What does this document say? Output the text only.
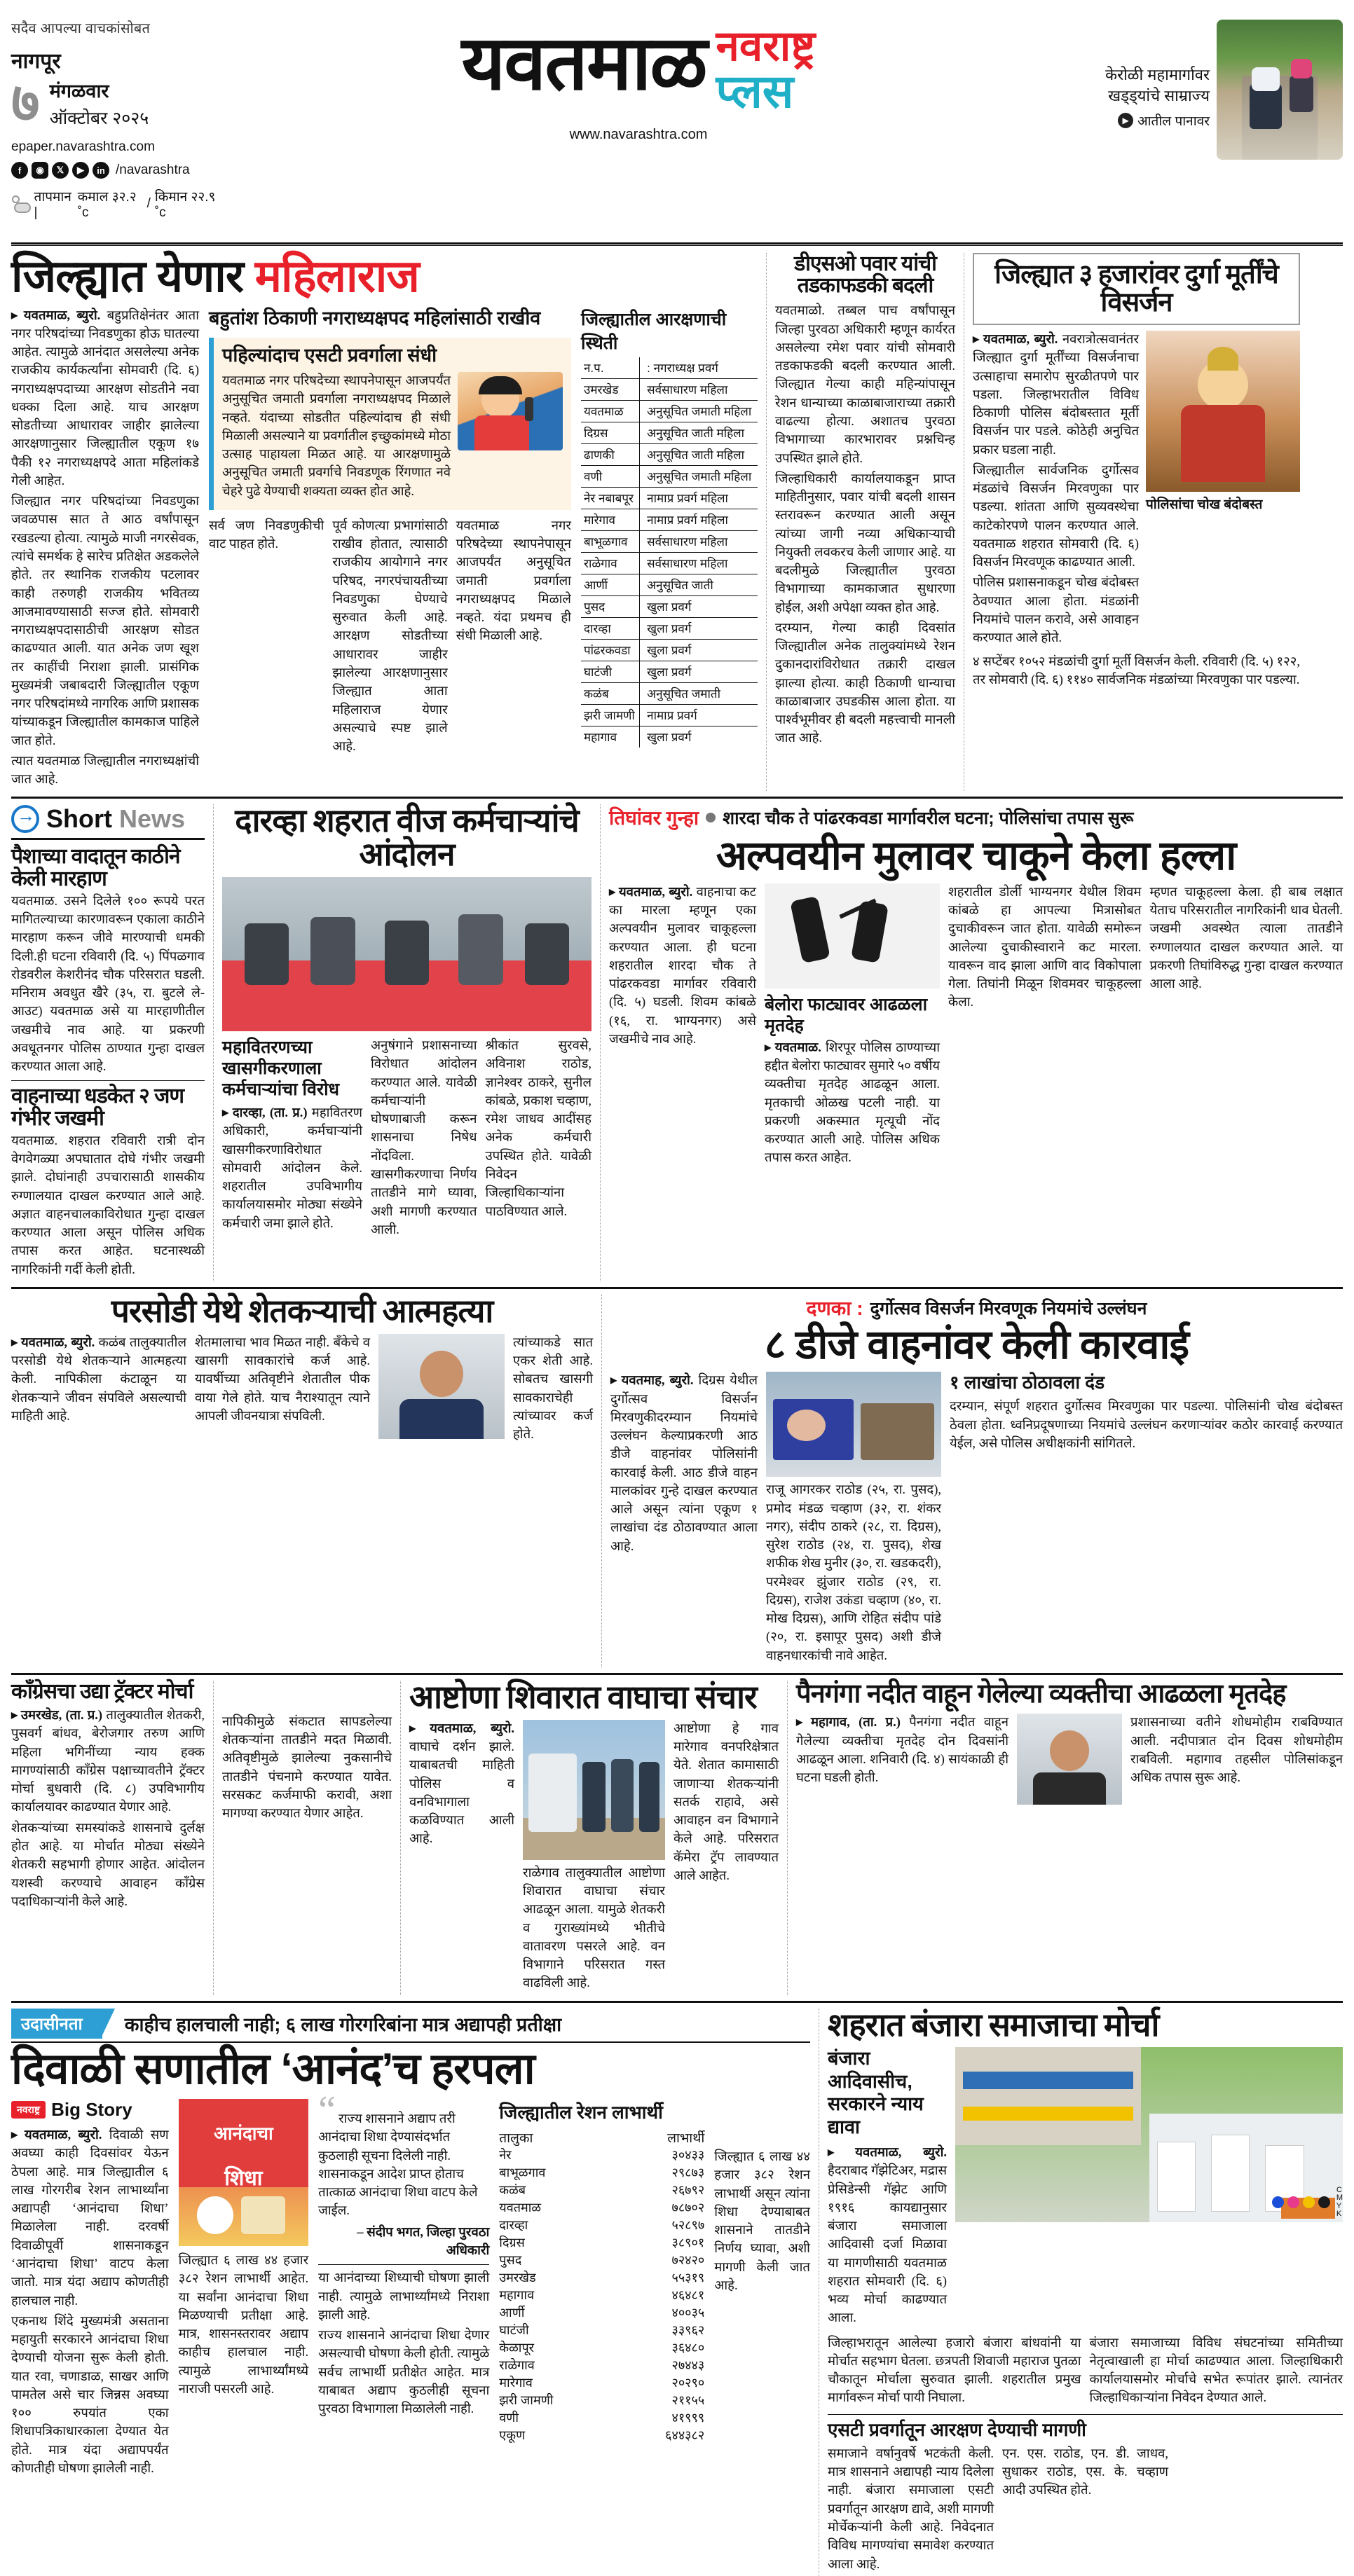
सदैव आपल्या वाचकांसोबत
नागपूर
७ मंगळवार
ऑक्टोबर २०२५
epaper.navarashtra.com
f	◉	𝕏	▶	in /navarashtra
तापमान |
कमाल ३२.२ ˚c
/ किमान २२.९ ˚c
यवतमाळ नवराष्ट्र
प्लस
www.navarashtra.com
केरोळी महामार्गावर खड्ड्यांचे साम्राज्य
▶ आतील पानावर
जिल्ह्यात येणार महिलाराज

▶ यवतमाळ, ब्युरो. बहुप्रतिक्षेनंतर आता नगर परिषदांच्या निवडणुका होऊ घातल्या आहेत. त्यामुळे आनंदात असलेल्या अनेक राजकीय कार्यकर्त्यांना सोमवारी (दि. ६) नगराध्यक्षपदाच्या आरक्षण सोडतीने नवा धक्का दिला आहे. याच आरक्षण सोडतीच्या आधारावर जाहीर झालेल्या आरक्षणानुसार जिल्ह्यातील एकूण १७ पैकी १२ नगराध्यक्षपदे आता महिलांकडे गेली आहेत.

जिल्ह्यात नगर परिषदांच्या निवडणुका जवळपास सात ते आठ वर्षांपासून रखडल्या होत्या. त्यामुळे माजी नगरसेवक, त्यांचे समर्थक हे सारेच प्रतिक्षेत अडकलेले होते. तर स्थानिक राजकीय पटलावर काही तरुणही राजकीय भवितव्य आजमावण्यासाठी सज्ज होते. सोमवारी नगराध्यक्षपदासाठीची आरक्षण सोडत काढण्यात आली. यात अनेक जण खूश तर काहींची निराशा झाली. प्रासंगिक मुख्यमंत्री जबाबदारी जिल्ह्यातील एकूण नगर परिषदांमध्ये नागरिक आणि प्रशासक यांच्याकडून जिल्ह्यातील कामकाज पाहिले जात होते.

त्यात यवतमाळ जिल्ह्यातील नगराध्यक्षांची जात आहे.

बहुतांश ठिकाणी नगराध्यक्षपद महिलांसाठी राखीव
पहिल्यांदाच एसटी प्रवर्गाला संधी

यवतमाळ नगर परिषदेच्या स्थापनेपासून आजपर्यंत अनुसूचित जमाती प्रवर्गाला नगराध्यक्षपद मिळाले नव्हते. यंदाच्या सोडतीत पहिल्यांदाच ही संधी मिळाली असल्याने या प्रवर्गातील इच्छुकांमध्ये मोठा उत्साह पाहायला मिळत आहे. या आरक्षणामुळे अनुसूचित जमाती प्रवर्गाचे निवडणूक रिंगणात नवे चेहरे पुढे येण्याची शक्यता व्यक्त होत आहे.

सर्व जण निवडणुकीची वाट पाहत होते.

पूर्व कोणत्या प्रभागांसाठी राखीव होतात, त्यासाठी राजकीय आयोगाने नगर परिषद, नगरपंचायतीच्या निवडणुका घेण्याचे सुरुवात केली आहे. आरक्षण सोडतीच्या आधारावर जाहीर झालेल्या आरक्षणानुसार जिल्ह्यात आता महिलाराज येणार असल्याचे स्पष्ट झाले आहे.

यवतमाळ नगर परिषदेच्या स्थापनेपासून आजपर्यंत अनुसूचित जमाती प्रवर्गाला नगराध्यक्षपद मिळाले नव्हते. यंदा प्रथमच ही संधी मिळाली आहे.

जिल्ह्यातील आरक्षणाची स्थिती
न.प.	: नगराध्यक्ष प्रवर्ग
उमरखेड	सर्वसाधारण महिला
यवतमाळ	अनुसूचित जमाती महिला
दिग्रस	अनुसूचित जाती महिला
ढाणकी	अनुसूचित जाती महिला
वणी	अनुसूचित जमाती महिला
नेर नबाबपूर	नामाप्र प्रवर्ग महिला
मारेगाव	नामाप्र प्रवर्ग महिला
बाभूळगाव	सर्वसाधारण महिला
राळेगाव	सर्वसाधारण महिला
आर्णी	अनुसूचित जाती
पुसद	खुला प्रवर्ग
दारव्हा	खुला प्रवर्ग
पांढरकवडा	खुला प्रवर्ग
घाटंजी	खुला प्रवर्ग
कळंब	अनुसूचित जमाती
झरी जामणी	नामाप्र प्रवर्ग
महागाव	खुला प्रवर्ग
डीएसओ पवार यांची तडकाफडकी बदली

यवतमाळो. तब्बल पाच वर्षांपासून जिल्हा पुरवठा अधिकारी म्हणून कार्यरत असलेल्या रमेश पवार यांची सोमवारी तडकाफडकी बदली करण्यात आली. जिल्ह्यात गेल्या काही महिन्यांपासून रेशन धान्याच्या काळाबाजाराच्या तक्रारी वाढल्या होत्या. अशातच पुरवठा विभागाच्या कारभारावर प्रश्नचिन्ह उपस्थित झाले होते.

जिल्हाधिकारी कार्यालयाकडून प्राप्त माहितीनुसार, पवार यांची बदली शासन स्तरावरून करण्यात आली असून त्यांच्या जागी नव्या अधिकाऱ्याची नियुक्ती लवकरच केली जाणार आहे. या बदलीमुळे जिल्ह्यातील पुरवठा विभागाच्या कामकाजात सुधारणा होईल, अशी अपेक्षा व्यक्त होत आहे.

दरम्यान, गेल्या काही दिवसांत जिल्ह्यातील अनेक तालुक्यांमध्ये रेशन दुकानदारांविरोधात तक्रारी दाखल झाल्या होत्या. काही ठिकाणी धान्याचा काळाबाजार उघडकीस आला होता. या पार्श्वभूमीवर ही बदली महत्त्वाची मानली जात आहे.

जिल्ह्यात ३ हजारांवर दुर्गा मूर्तींचे विसर्जन

▶ यवतमाळ, ब्युरो. नवरात्रोत्सवानंतर जिल्ह्यात दुर्गा मूर्तींच्या विसर्जनाचा उत्साहाचा समारोप सुरळीतपणे पार पडला. जिल्हाभरातील विविध ठिकाणी पोलिस बंदोबस्तात मूर्ती विसर्जन पार पडले. कोठेही अनुचित प्रकार घडला नाही.

जिल्ह्यातील सार्वजनिक दुर्गोत्सव मंडळांचे विसर्जन मिरवणुका पार पडल्या. शांतता आणि सुव्यवस्थेचा काटेकोरपणे पालन करण्यात आले. यवतमाळ शहरात सोमवारी (दि. ६) विसर्जन मिरवणूक काढण्यात आली.

पोलिस प्रशासनाकडून चोख बंदोबस्त ठेवण्यात आला होता. मंडळांनी नियमांचे पालन करावे, असे आवाहन करण्यात आले होते.

पोलिसांचा चोख बंदोबस्त

४ सप्टेंबर १०५२ मंडळांची दुर्गा मूर्ती विसर्जन केली. रविवारी (दि. ५) १२२, तर सोमवारी (दि. ६) ११४० सार्वजनिक मंडळांच्या मिरवणुका पार पडल्या.

→
Short News
पैशाच्या वादातून काठीने केली मारहाण

यवतमाळ. उसने दिलेले १०० रूपये परत मागितल्याच्या कारणावरून एकाला काठीने मारहाण करून जीवे मारण्याची धमकी दिली.ही घटना रविवारी (दि. ५) पिंपळगाव रोडवरील केशरीनंद चौक परिसरात घडली. मनिराम अवधुत खैरे (३५, रा. बुटले ले-आउट) यवतमाळ असे या मारहाणीतील जखमीचे नाव आहे. या प्रकरणी अवधूतनगर पोलिस ठाण्यात गुन्हा दाखल करण्यात आला आहे.

वाहनाच्या धडकेत २ जण गंभीर जखमी

यवतमाळ. शहरात रविवारी रात्री दोन वेगवेगळ्या अपघातात दोघे गंभीर जखमी झाले. दोघांनाही उपचारासाठी शासकीय रुग्णालयात दाखल करण्यात आले आहे. अज्ञात वाहनचालकाविरोधात गुन्हा दाखल करण्यात आला असून पोलिस अधिक तपास करत आहेत. घटनास्थळी नागरिकांनी गर्दी केली होती.

दारव्हा शहरात वीज कर्मचाऱ्यांचे आंदोलन
महावितरणच्या खासगीकरणाला कर्मचाऱ्यांचा विरोध

▶ दारव्हा, (ता. प्र.) महावितरण अधिकारी, कर्मचाऱ्यांनी खासगीकरणाविरोधात सोमवारी आंदोलन केले. शहरातील उपविभागीय कार्यालयासमोर मोठ्या संख्येने कर्मचारी जमा झाले होते.

अनुषंगाने प्रशासनाच्या विरोधात आंदोलन करण्यात आले. यावेळी कर्मचाऱ्यांनी घोषणाबाजी करून शासनाचा निषेध नोंदविला. खासगीकरणाचा निर्णय तातडीने मागे घ्यावा, अशी मागणी करण्यात आली.

श्रीकांत सुरवसे, अविनाश राठोड, ज्ञानेश्वर ठाकरे, सुनील कांबळे, प्रकाश चव्हाण, रमेश जाधव आदींसह अनेक कर्मचारी उपस्थित होते. यावेळी निवेदन जिल्हाधिकाऱ्यांना पाठविण्यात आले.

तिघांवर गुन्हा शारदा चौक ते पांढरकवडा मार्गावरील घटना; पोलिसांचा तपास सुरू
अल्पवयीन मुलावर चाकूने केला हल्ला

▶ यवतमाळ, ब्युरो. वाहनाचा कट का मारला म्हणून एका अल्पवयीन मुलावर चाकूहल्ला करण्यात आला. ही घटना शहरातील शारदा चौक ते पांढरकवडा मार्गावर रविवारी (दि. ५) घडली. शिवम कांबळे (१६, रा. भाग्यनगर) असे जखमीचे नाव आहे.

बेलोरा फाट्यावर आढळला मृतदेह

▶ यवतमाळ. शिरपूर पोलिस ठाण्याच्या हद्दीत बेलोरा फाट्यावर सुमारे ५० वर्षीय व्यक्तीचा मृतदेह आढळून आला. मृतकाची ओळख पटली नाही. या प्रकरणी अकस्मात मृत्यूची नोंद करण्यात आली आहे. पोलिस अधिक तपास करत आहेत.

शहरातील डोर्ली भाग्यनगर येथील शिवम कांबळे हा आपल्या मित्रासोबत दुचाकीवरून जात होता. यावेळी समोरून आलेल्या दुचाकीस्वाराने कट मारला. यावरून वाद झाला आणि वाद विकोपाला गेला. तिघांनी मिळून शिवमवर चाकूहल्ला केला.

म्हणत चाकूहल्ला केला. ही बाब लक्षात येताच परिसरातील नागरिकांनी धाव घेतली. जखमी अवस्थेत त्याला तातडीने रुग्णालयात दाखल करण्यात आले. या प्रकरणी तिघांविरुद्ध गुन्हा दाखल करण्यात आला आहे.

परसोडी येथे शेतकऱ्याची आत्महत्या

▶ यवतमाळ, ब्युरो. कळंब तालुक्यातील परसोडी येथे शेतकऱ्याने आत्महत्या केली. नापिकीला कंटाळून या शेतकऱ्याने जीवन संपविले असल्याची माहिती आहे.

शेतमालाचा भाव मिळत नाही. बँकेचे व खासगी सावकारांचे कर्ज आहे. यावर्षीच्या अतिवृष्टीने शेतातील पीक वाया गेले होते. याच नैराश्यातून त्याने आपली जीवनयात्रा संपविली.

त्यांच्याकडे सात एकर शेती आहे. सोबतच खासगी सावकाराचेही त्यांच्यावर कर्ज होते.

दणका : दुर्गोत्सव विसर्जन मिरवणूक नियमांचे उल्लंघन
८ डीजे वाहनांवर केली कारवाई

▶ यवतमाह, ब्युरो. दिग्रस येथील दुर्गोत्सव विसर्जन मिरवणुकीदरम्यान नियमांचे उल्लंघन केल्याप्रकरणी आठ डीजे वाहनांवर पोलिसांनी कारवाई केली. आठ डीजे वाहन मालकांवर गुन्हे दाखल करण्यात आले असून त्यांना एकूण १ लाखांचा दंड ठोठावण्यात आला आहे.

राजू आगरकर राठोड (२५, रा. पुसद), प्रमोद मंडळ चव्हाण (३२, रा. शंकर नगर), संदीप ठाकरे (२८, रा. दिग्रस), सुरेश राठोड (२४, रा. पुसद), शेख शफीक शेख मुनीर (३०, रा. खडकदरी), परमेश्वर झुंजार राठोड (२९, रा. दिग्रस), राजेश उकंडा चव्हाण (४०, रा. मोख दिग्रस), आणि रोहित संदीप पांडे (२०, रा. इसापूर पुसद) अशी डीजे वाहनधारकांची नावे आहेत.

१ लाखांचा ठोठावला दंड

दरम्यान, संपूर्ण शहरात दुर्गोत्सव मिरवणुका पार पडल्या. पोलिसांनी चोख बंदोबस्त ठेवला होता. ध्वनिप्रदूषणाच्या नियमांचे उल्लंघन करणाऱ्यांवर कठोर कारवाई करण्यात येईल, असे पोलिस अधीक्षकांनी सांगितले.

काँग्रेसचा उद्या ट्रॅक्टर मोर्चा

▶ उमरखेड, (ता. प्र.) तालुक्यातील शेतकरी, पुसवर्ग बांधव, बेरोजगार तरुण आणि महिला भगिनींच्या न्याय हक्क मागण्यांसाठी काँग्रेस पक्षाच्यावतीने ट्रॅक्टर मोर्चा बुधवारी (दि. ८) उपविभागीय कार्यालयावर काढण्यात येणार आहे.

शेतकऱ्यांच्या समस्यांकडे शासनाचे दुर्लक्ष होत आहे. या मोर्चात मोठ्या संख्येने शेतकरी सहभागी होणार आहेत. आंदोलन यशस्वी करण्याचे आवाहन काँग्रेस पदाधिकाऱ्यांनी केले आहे.

नापिकीमुळे संकटात सापडलेल्या शेतकऱ्यांना तातडीने मदत मिळावी. अतिवृष्टीमुळे झालेल्या नुकसानीचे तातडीने पंचनामे करण्यात यावेत. सरसकट कर्जमाफी करावी, अशा मागण्या करण्यात येणार आहेत.

आष्टोणा शिवारात वाघाचा संचार

▶ यवतमाळ, ब्युरो. वाघाचे दर्शन झाले. याबाबतची माहिती पोलिस व वनविभागाला कळविण्यात आली आहे.

राळेगाव तालुक्यातील आष्टोणा शिवारात वाघाचा संचार आढळून आला. यामुळे शेतकरी व गुराख्यांमध्ये भीतीचे वातावरण पसरले आहे. वन विभागाने परिसरात गस्त वाढविली आहे.

आष्टोणा हे गाव मारेगाव वनपरिक्षेत्रात येते. शेतात कामासाठी जाणाऱ्या शेतकऱ्यांनी सतर्क राहावे, असे आवाहन वन विभागाने केले आहे. परिसरात कॅमेरा ट्रॅप लावण्यात आले आहेत.

पैनगंगा नदीत वाहून गेलेल्या व्यक्तीचा आढळला मृतदेह

▶ महागाव, (ता. प्र.) पैनगंगा नदीत वाहून गेलेल्या व्यक्तीचा मृतदेह दोन दिवसांनी आढळून आला. शनिवारी (दि. ४) सायंकाळी ही घटना घडली होती.

प्रशासनाच्या वतीने शोधमोहीम राबविण्यात आली. नदीपात्रात दोन दिवस शोधमोहीम राबविली. महागाव तहसील पोलिसांकडून अधिक तपास सुरू आहे.

उदासीनता	काहीच हालचाली नाही; ६ लाख गोरगरिबांना मात्र अद्यापही प्रतीक्षा
दिवाळी सणातील ‘आनंद’च हरपला
नवराष्ट्र Big Story

▶ यवतमाळ, ब्युरो. दिवाळी सण अवघ्या काही दिवसांवर येऊन ठेपला आहे. मात्र जिल्ह्यातील ६ लाख गोरगरीब रेशन लाभार्थ्यांना अद्यापही ‘आनंदाचा शिधा’ मिळालेला नाही. दरवर्षी दिवाळीपूर्वी शासनाकडून ‘आनंदाचा शिधा’ वाटप केला जातो. मात्र यंदा अद्याप कोणतीही हालचाल नाही.

एकनाथ शिंदे मुख्यमंत्री असताना महायुती सरकारने आनंदाचा शिधा देण्याची योजना सुरू केली होती. यात रवा, चणाडाळ, साखर आणि पामतेल असे चार जिन्नस अवघ्या १०० रुपयांत एका शिधापत्रिकाधारकाला देण्यात येत होते. मात्र यंदा अद्यापपर्यंत कोणतीही घोषणा झालेली नाही.

आनंदाचा
शिधा

जिल्ह्यात ६ लाख ४४ हजार ३८२ रेशन लाभार्थी आहेत. या सर्वांना आनंदाचा शिधा मिळण्याची प्रतीक्षा आहे. मात्र, शासनस्तरावर अद्याप काहीच हालचाल नाही. त्यामुळे लाभार्थ्यांमध्ये नाराजी पसरली आहे.

“ राज्य शासनाने अद्याप तरी आनंदाचा शिधा देण्यासंदर्भात कुठलाही सूचना दिलेली नाही. शासनाकडून आदेश प्राप्त होताच तात्काळ आनंदाचा शिधा वाटप केले जाईल.

– संदीप भगत, जिल्हा पुरवठा अधिकारी

या आनंदाच्या शिध्याची घोषणा झाली नाही. त्यामुळे लाभार्थ्यांमध्ये निराशा झाली आहे.

राज्य शासनाने आनंदाचा शिधा देणार असल्याची घोषणा केली होती. त्यामुळे सर्वच लाभार्थी प्रतीक्षेत आहेत. मात्र याबाबत अद्याप कुठलीही सूचना पुरवठा विभागाला मिळालेली नाही.

जिल्ह्यातील रेशन लाभार्थी
तालुका	लाभार्थी
नेर	३०४३३
बाभूळगाव	२९८७३
कळंब	२६७९२
यवतमाळ	७८७०२
दारव्हा	५२८९७
दिग्रस	३८९०१
पुसद	७२४२०
उमरखेड	५५३१९
महागाव	४६४८१
आर्णी	४००३५
घाटंजी	३३९६२
केळापूर	३६४८०
राळेगाव	२७४४३
मारेगाव	२०२९०
झरी जामणी	२११५५
वणी	४१९९९
एकूण	६४४३८२

जिल्ह्यात ६ लाख ४४ हजार ३८२ रेशन लाभार्थी असून त्यांना शिधा देण्याबाबत शासनाने तातडीने निर्णय घ्यावा, अशी मागणी केली जात आहे.

शहरात बंजारा समाजाचा मोर्चा
बंजारा आदिवासीच, सरकारने न्याय द्यावा

▶ यवतमाळ, ब्युरो. हैदराबाद गॅझेटिअर, मद्रास प्रेसिडेन्सी गॅझेट आणि १९१६ कायद्यानुसार बंजारा समाजाला आदिवासी दर्जा मिळावा या मागणीसाठी यवतमाळ शहरात सोमवारी (दि. ६) भव्य मोर्चा काढण्यात आला.

जिल्हाभरातून आलेल्या हजारो बंजारा बांधवांनी या मोर्चात सहभाग घेतला. छत्रपती शिवाजी महाराज पुतळा चौकातून मोर्चाला सुरुवात झाली. शहरातील प्रमुख मार्गावरून मोर्चा पायी निघाला.

बंजारा समाजाच्या विविध संघटनांच्या समितीच्या नेतृत्वाखाली हा मोर्चा काढण्यात आला. जिल्हाधिकारी कार्यालयासमोर मोर्चाचे सभेत रूपांतर झाले. त्यानंतर जिल्हाधिकाऱ्यांना निवेदन देण्यात आले.

एसटी प्रवर्गातून आरक्षण देण्याची मागणी

समाजाने वर्षानुवर्षे भटकंती केली. मात्र शासनाने अद्यापही न्याय दिलेला नाही. बंजारा समाजाला एसटी प्रवर्गातून आरक्षण द्यावे, अशी मागणी मोर्चेकऱ्यांनी केली आहे. निवेदनात विविध मागण्यांचा समावेश करण्यात आला आहे.

एन. एस. राठोड, एन. डी. जाधव, सुधाकर राठोड, एस. के. चव्हाण आदी उपस्थित होते.

C
M
Y
K
